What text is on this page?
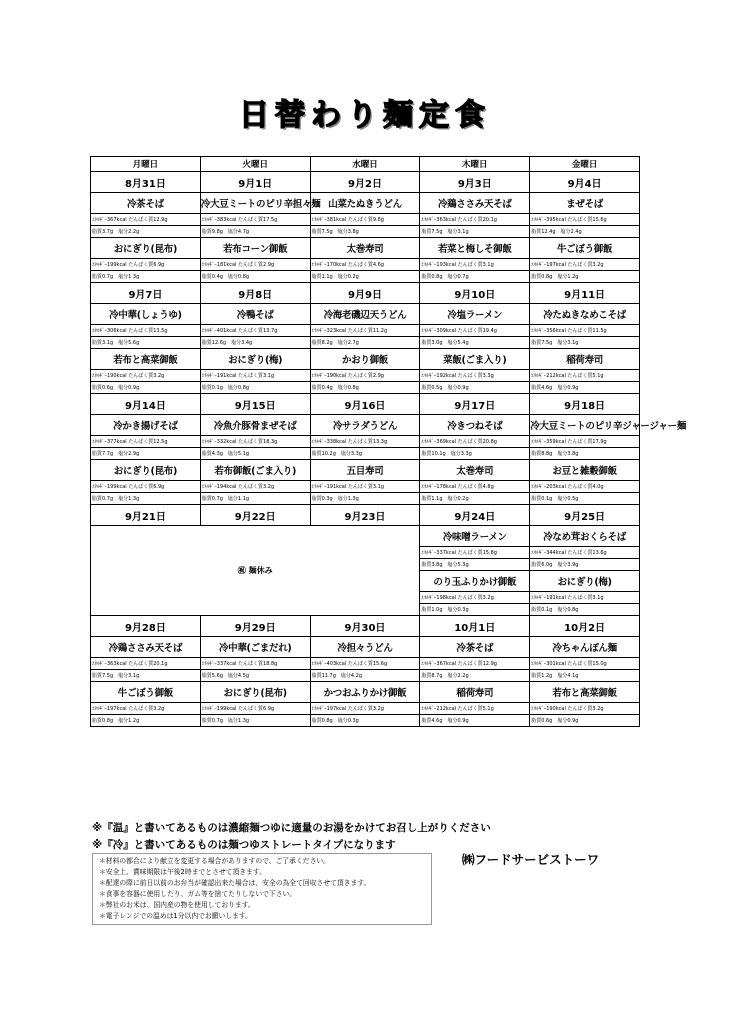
日替わり麺定食
月曜日	火曜日	水曜日	木曜日	金曜日
8月31日	9月1日	9月2日	9月3日	9月4日
冷茶そば	冷大豆ミートのピリ辛担々麺	山菜たぬきうどん	冷鶏ささみ天そば	まぜそば
ｴﾈﾙｷﾞｰ367kcal たんぱく質12.9g	ｴﾈﾙｷﾞｰ383kcal たんぱく質17.5g	ｴﾈﾙｷﾞｰ381kcal たんぱく質9.8g	ｴﾈﾙｷﾞｰ363kcal たんぱく質20.1g	ｴﾈﾙｷﾞｰ395kcal たんぱく質15.6g
脂質3.7g　塩分2.2g	脂質9.8g　塩分4.7g	脂質7.5g　塩分3.8g	脂質7.5g　塩分3.1g	脂質12.4g　塩分2.4g
おにぎり(昆布)	若布コーン御飯	太巻寿司	若菜と梅しそ御飯	牛ごぼう御飯
ｴﾈﾙｷﾞｰ199kcal たんぱく質6.9g	ｴﾈﾙｷﾞｰ181kcal たんぱく質2.9g	ｴﾈﾙｷﾞｰ170kcal たんぱく質4.6g	ｴﾈﾙｷﾞｰ193kcal たんぱく質3.1g	ｴﾈﾙｷﾞｰ197kcal たんぱく質3.2g
脂質0.7g　塩分1.3g	脂質0.4g　塩分0.8g	脂質1.1g　塩分0.2g	脂質0.8g　塩分0.7g	脂質0.8g　塩分1.2g
9月7日	9月8日	9月9日	9月10日	9月11日
冷中華(しょうゆ)	冷鴨そば	冷海老磯辺天うどん	冷塩ラーメン	冷たぬきなめこそば
ｴﾈﾙｷﾞｰ306kcal たんぱく質13.5g	ｴﾈﾙｷﾞｰ401kcal たんぱく質13.7g	ｴﾈﾙｷﾞｰ323kcal たんぱく質11.2g	ｴﾈﾙｷﾞｰ309kcal たんぱく質19.4g	ｴﾈﾙｷﾞｰ356kcal たんぱく質11.5g
脂質3.1g　塩分5.6g	脂質12.6g　塩分3.4g	脂質8.2g　塩分2.7g	脂質3.0g　塩分5.4g	脂質7.5g　塩分3.1g
若布と高菜御飯	おにぎり(梅)	かおり御飯	菜飯(ごま入り)	稲荷寿司
ｴﾈﾙｷﾞｰ190kcal たんぱく質3.2g	ｴﾈﾙｷﾞｰ191kcal たんぱく質3.1g	ｴﾈﾙｷﾞｰ190kcal たんぱく質2.9g	ｴﾈﾙｷﾞｰ192kcal たんぱく質3.3g	ｴﾈﾙｷﾞｰ212kcal たんぱく質5.1g
脂質0.6g　塩分0.9g	脂質0.1g　塩分0.8g	脂質0.4g　塩分0.8g	脂質0.5g　塩分0.9g	脂質4.6g　塩分0.9g
9月14日	9月15日	9月16日	9月17日	9月18日
冷かき揚げそば	冷魚介豚骨まぜそば	冷サラダうどん	冷きつねそば	冷大豆ミートのピリ辛ジャージャー麺
ｴﾈﾙｷﾞｰ377kcal たんぱく質12.5g	ｴﾈﾙｷﾞｰ332kcal たんぱく質18.3g	ｴﾈﾙｷﾞｰ338kcal たんぱく質13.3g	ｴﾈﾙｷﾞｰ369kcal たんぱく質20.8g	ｴﾈﾙｷﾞｰ359kcal たんぱく質17.9g
脂質7.7g　塩分2.9g	脂質4.3g　塩分5.1g	脂質10.2g　塩分3.3g	脂質10.1g　塩分3.3g	脂質8.8g　塩分3.8g
おにぎり(昆布)	若布御飯(ごま入り)	五目寿司	太巻寿司	お豆と雑穀御飯
ｴﾈﾙｷﾞｰ199kcal たんぱく質6.9g	ｴﾈﾙｷﾞｰ194kcal たんぱく質3.2g	ｴﾈﾙｷﾞｰ191kcal たんぱく質3.1g	ｴﾈﾙｷﾞｰ178kcal たんぱく質4.8g	ｴﾈﾙｷﾞｰ203kcal たんぱく質4.0g
脂質0.7g　塩分1.3g	脂質0.7g　塩分1.1g	脂質0.3g　塩分1.3g	脂質1.1g　塩分0.2g	脂質0.1g　塩分0.5g
9月21日	9月22日	9月23日	9月24日	9月25日
㊗ 麺休み			冷味噌ラーメン	冷なめ茸おくらそば
			ｴﾈﾙｷﾞｰ337kcal たんぱく質15.8g	ｴﾈﾙｷﾞｰ344kcal たんぱく質13.6g
			脂質3.8g　塩分5.3g	脂質6.0g　塩分3.9g
			のり玉ふりかけ御飯	おにぎり(梅)
			ｴﾈﾙｷﾞｰ198kcal たんぱく質3.2g	ｴﾈﾙｷﾞｰ191kcal たんぱく質3.1g
			脂質1.0g　塩分0.3g	脂質0.1g　塩分0.8g
9月28日	9月29日	9月30日	10月1日	10月2日
冷鶏ささみ天そば	冷中華(ごまだれ)	冷担々うどん	冷茶そば	冷ちゃんぽん麺
ｴﾈﾙｷﾞｰ363kcal たんぱく質20.1g	ｴﾈﾙｷﾞｰ337kcal たんぱく質18.8g	ｴﾈﾙｷﾞｰ403kcal たんぱく質15.6g	ｴﾈﾙｷﾞｰ367kcal たんぱく質12.9g	ｴﾈﾙｷﾞｰ301kcal たんぱく質15.0g
脂質7.5g　塩分3.1g	脂質5.6g　塩分4.5g	脂質11.7g　塩分4.2g	脂質8.7g　塩分2.2g	脂質1.2g　塩分4.1g
牛ごぼう御飯	おにぎり(昆布)	かつおふりかけ御飯	稲荷寿司	若布と高菜御飯
ｴﾈﾙｷﾞｰ197kcal たんぱく質3.2g	ｴﾈﾙｷﾞｰ199kcal たんぱく質6.9g	ｴﾈﾙｷﾞｰ197kcal たんぱく質3.2g	ｴﾈﾙｷﾞｰ212kcal たんぱく質5.1g	ｴﾈﾙｷﾞｰ190kcal たんぱく質3.2g
脂質0.8g　塩分1.2g	脂質0.7g　塩分1.3g	脂質0.8g　塩分0.3g	脂質4.6g　塩分0.9g	脂質0.6g　塩分0.9g
※『温』と書いてあるものは濃縮麺つゆに適量のお湯をかけてお召し上がりください
※『冷』と書いてあるものは麺つゆストレートタイプになります
＊材料の都合により献立を変更する場合がありますので、ご了承ください。
＊安全上、賞味期限は午後2時までとさせて頂きます。
＊配達の際に前日以前のお弁当が確認出来た場合は、安全の為全て回収させて頂きます。
＊食事を容器に使用したり、ガム等を捨てたりしないで下さい。
＊弊社のお米は、国内産の物を使用しております。
＊電子レンジでの温めは1分以内でお願いします。
㈱フードサービストーワ
